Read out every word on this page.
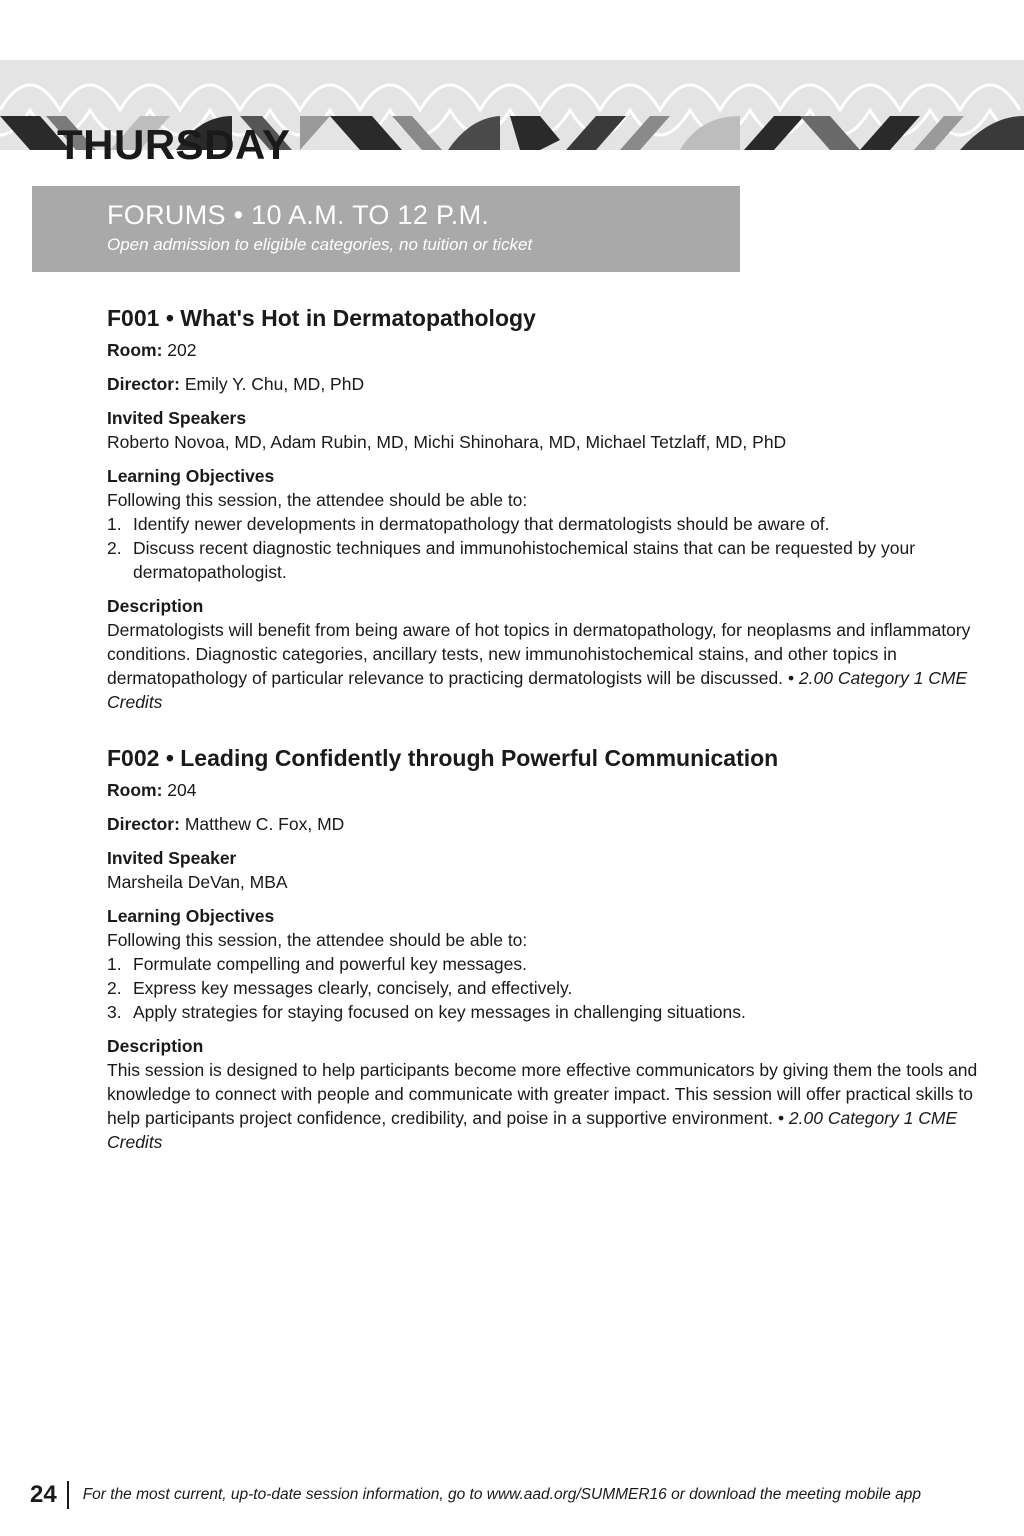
THURSDAY
FORUMS • 10 A.M. TO 12 P.M.
Open admission to eligible categories, no tuition or ticket
F001 • What's Hot in Dermatopathology
Room: 202
Director: Emily Y. Chu, MD, PhD
Invited Speakers
Roberto Novoa, MD, Adam Rubin, MD, Michi Shinohara, MD, Michael Tetzlaff, MD, PhD
Learning Objectives
Following this session, the attendee should be able to:
1. Identify newer developments in dermatopathology that dermatologists should be aware of.
2. Discuss recent diagnostic techniques and immunohistochemical stains that can be requested by your dermatopathologist.
Description
Dermatologists will benefit from being aware of hot topics in dermatopathology, for neoplasms and inflammatory conditions. Diagnostic categories, ancillary tests, new immunohistochemical stains, and other topics in dermatopathology of particular relevance to practicing dermatologists will be discussed. • 2.00 Category 1 CME Credits
F002 • Leading Confidently through Powerful Communication
Room: 204
Director: Matthew C. Fox, MD
Invited Speaker
Marsheila DeVan, MBA
Learning Objectives
Following this session, the attendee should be able to:
1. Formulate compelling and powerful key messages.
2. Express key messages clearly, concisely, and effectively.
3. Apply strategies for staying focused on key messages in challenging situations.
Description
This session is designed to help participants become more effective communicators by giving them the tools and knowledge to connect with people and communicate with greater impact. This session will offer practical skills to help participants project confidence, credibility, and poise in a supportive environment. • 2.00 Category 1 CME Credits
24 For the most current, up-to-date session information, go to www.aad.org/SUMMER16 or download the meeting mobile app
